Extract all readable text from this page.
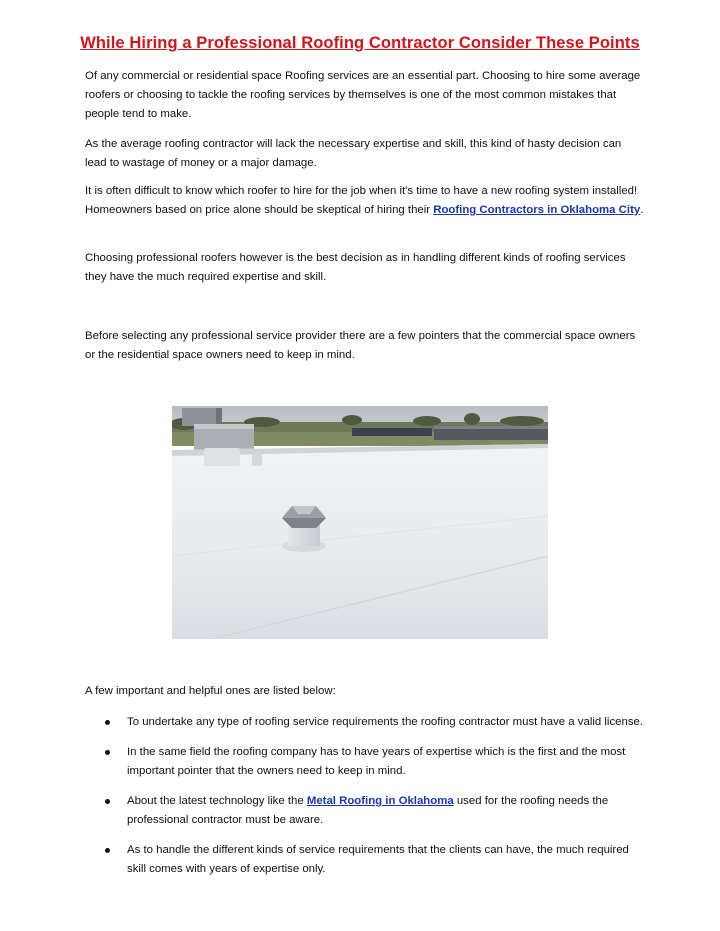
While Hiring a Professional Roofing Contractor Consider These Points

Of any commercial or residential space Roofing services are an essential part. Choosing to hire some average roofers or choosing to tackle the roofing services by themselves is one of the most common mistakes that people tend to make.

As the average roofing contractor will lack the necessary expertise and skill, this kind of hasty decision can lead to wastage of money or a major damage.

It is often difficult to know which roofer to hire for the job when it's time to have a new roofing system installed! Homeowners based on price alone should be skeptical of hiring their Roofing Contractors in Oklahoma City.

Choosing professional roofers however is the best decision as in handling different kinds of roofing services they have the much required expertise and skill.

Before selecting any professional service provider there are a few pointers that the commercial space owners or the residential space owners need to keep in mind.

A few important and helpful ones are listed below:

To undertake any type of roofing service requirements the roofing contractor must have a valid license.
In the same field the roofing company has to have years of expertise which is the first and the most important pointer that the owners need to keep in mind.
About the latest technology like the Metal Roofing in Oklahoma used for the roofing needs the professional contractor must be aware.
As to handle the different kinds of service requirements that the clients can have, the much required skill comes with years of expertise only.
